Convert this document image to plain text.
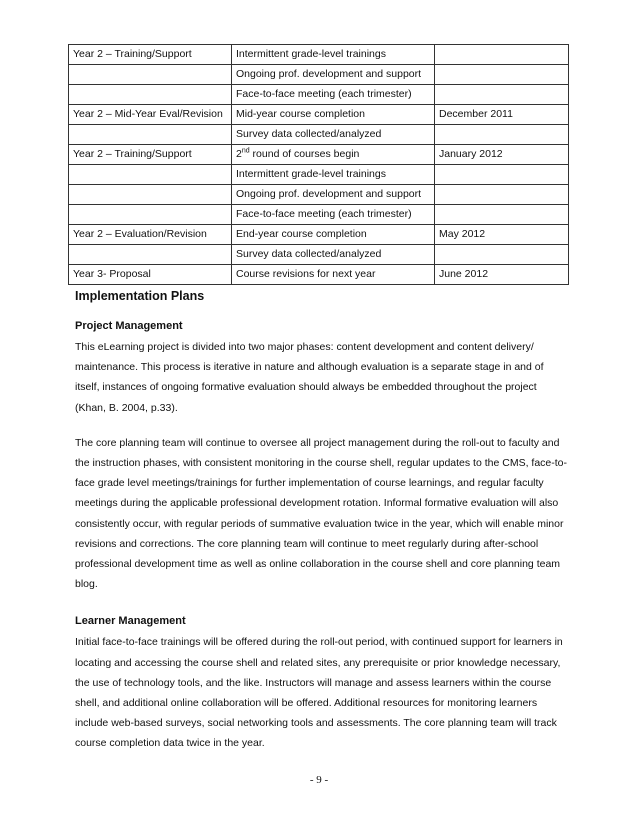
Year 2 – Training/Support	Intermittent grade-level trainings	
	Ongoing prof. development and support	
	Face-to-face meeting (each trimester)	
Year 2 – Mid-Year Eval/Revision	Mid-year course completion	December 2011
	Survey data collected/analyzed	
Year 2 – Training/Support	2nd round of courses begin	January 2012
	Intermittent grade-level trainings	
	Ongoing prof. development and support	
	Face-to-face meeting (each trimester)	
Year 2 – Evaluation/Revision	End-year course completion	May 2012
	Survey data collected/analyzed	
Year 3- Proposal	Course revisions for next year	June 2012
Implementation Plans
Project Management

This eLearning project is divided into two major phases: content development and content delivery/
maintenance. This process is iterative in nature and although evaluation is a separate stage in and of
itself, instances of ongoing formative evaluation should always be embedded throughout the project
(Khan, B. 2004, p.33).

The core planning team will continue to oversee all project management during the roll-out to faculty and
the instruction phases, with consistent monitoring in the course shell, regular updates to the CMS, face-to-
face grade level meetings/trainings for further implementation of course learnings, and regular faculty
meetings during the applicable professional development rotation. Informal formative evaluation will also
consistently occur, with regular periods of summative evaluation twice in the year, which will enable minor
revisions and corrections. The core planning team will continue to meet regularly during after-school
professional development time as well as online collaboration in the course shell and core planning team
blog.

Learner Management

Initial face-to-face trainings will be offered during the roll-out period, with continued support for learners in
locating and accessing the course shell and related sites, any prerequisite or prior knowledge necessary,
the use of technology tools, and the like. Instructors will manage and assess learners within the course
shell, and additional online collaboration will be offered. Additional resources for monitoring learners
include web-based surveys, social networking tools and assessments. The core planning team will track
course completion data twice in the year.

- 9 -
